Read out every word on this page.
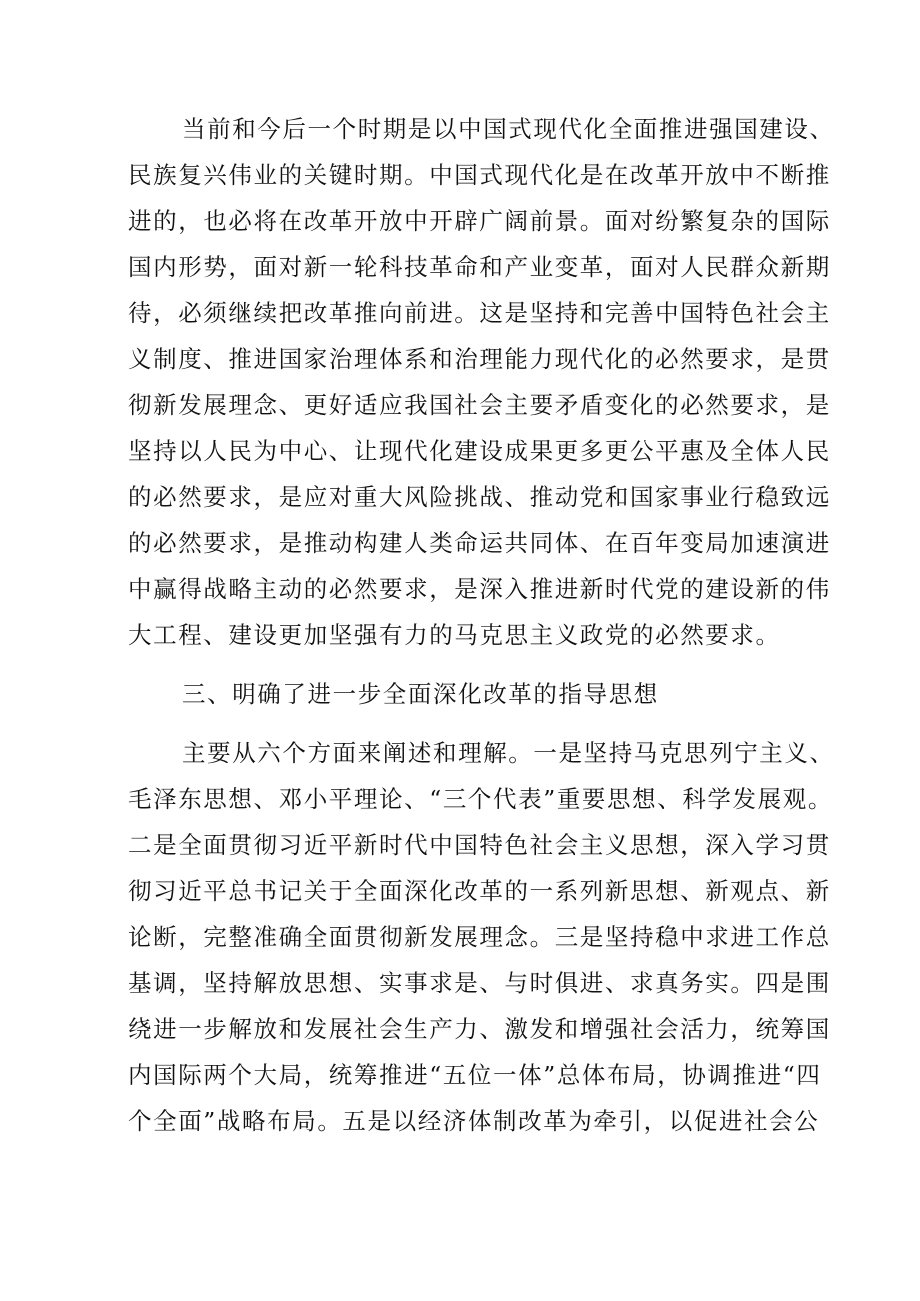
当前和今后一个时期是以中国式现代化全面推进强国建设、
民族复兴伟业的关键时期。中国式现代化是在改革开放中不断推
进的，也必将在改革开放中开辟广阔前景。面对纷繁复杂的国际
国内形势，面对新一轮科技革命和产业变革，面对人民群众新期
待，必须继续把改革推向前进。这是坚持和完善中国特色社会主
义制度、推进国家治理体系和治理能力现代化的必然要求，是贯
彻新发展理念、更好适应我国社会主要矛盾变化的必然要求，是
坚持以人民为中心、让现代化建设成果更多更公平惠及全体人民
的必然要求，是应对重大风险挑战、推动党和国家事业行稳致远
的必然要求，是推动构建人类命运共同体、在百年变局加速演进
中赢得战略主动的必然要求，是深入推进新时代党的建设新的伟
大工程、建设更加坚强有力的马克思主义政党的必然要求。
三、明确了进一步全面深化改革的指导思想
主要从六个方面来阐述和理解。一是坚持马克思列宁主义、
毛泽东思想、邓小平理论、“三个代表”重要思想、科学发展观。
二是全面贯彻习近平新时代中国特色社会主义思想，深入学习贯
彻习近平总书记关于全面深化改革的一系列新思想、新观点、新
论断，完整准确全面贯彻新发展理念。三是坚持稳中求进工作总
基调，坚持解放思想、实事求是、与时俱进、求真务实。四是围
绕进一步解放和发展社会生产力、激发和增强社会活力，统筹国
内国际两个大局，统筹推进“五位一体”总体布局，协调推进“四
个全面”战略布局。五是以经济体制改革为牵引，以促进社会公
